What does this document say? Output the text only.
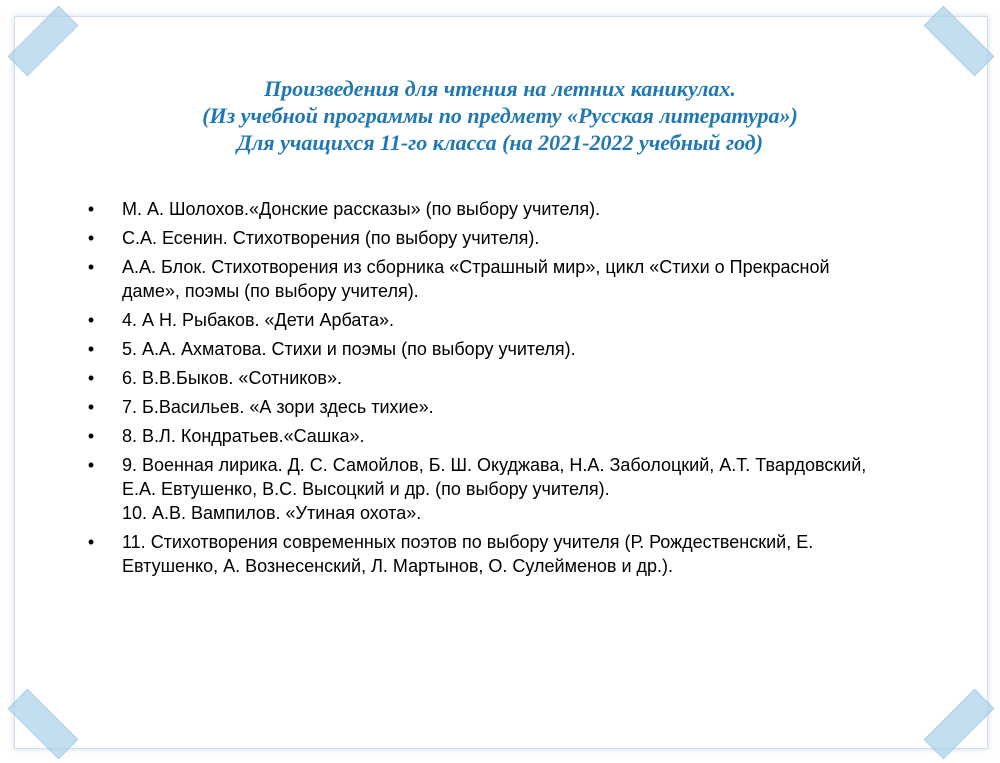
Произведения для чтения на летних каникулах.
(Из учебной программы по предмету «Русская литература»)
Для учащихся 11-го класса (на 2021-2022 учебный год)
• М. А. Шолохов.«Донские рассказы» (по выбору учителя).
• С.А. Есенин. Стихотворения (по выбору учителя).
• А.А. Блок. Стихотворения из сборника «Страшный мир», цикл «Стихи о Прекрасной даме», поэмы (по выбору учителя).
• 4. А Н. Рыбаков. «Дети Арбата».
• 5. А.А. Ахматова. Стихи и поэмы (по выбору учителя).
• 6. В.В.Быков. «Сотников».
• 7. Б.Васильев. «А зори здесь тихие».
• 8. В.Л. Кондратьев.«Сашка».
• 9. Военная лирика. Д. С. Самойлов, Б. Ш. Окуджава, Н.А. Заболоцкий, А.Т. Твардовский, Е.А. Евтушенко, В.С. Высоцкий и др. (по выбору учителя).
10. А.В. Вампилов. «Утиная охота».
• 11. Стихотворения современных поэтов по выбору учителя (Р. Рождественский, Е. Евтушенко, А. Вознесенский, Л. Мартынов, О. Сулейменов и др.).
